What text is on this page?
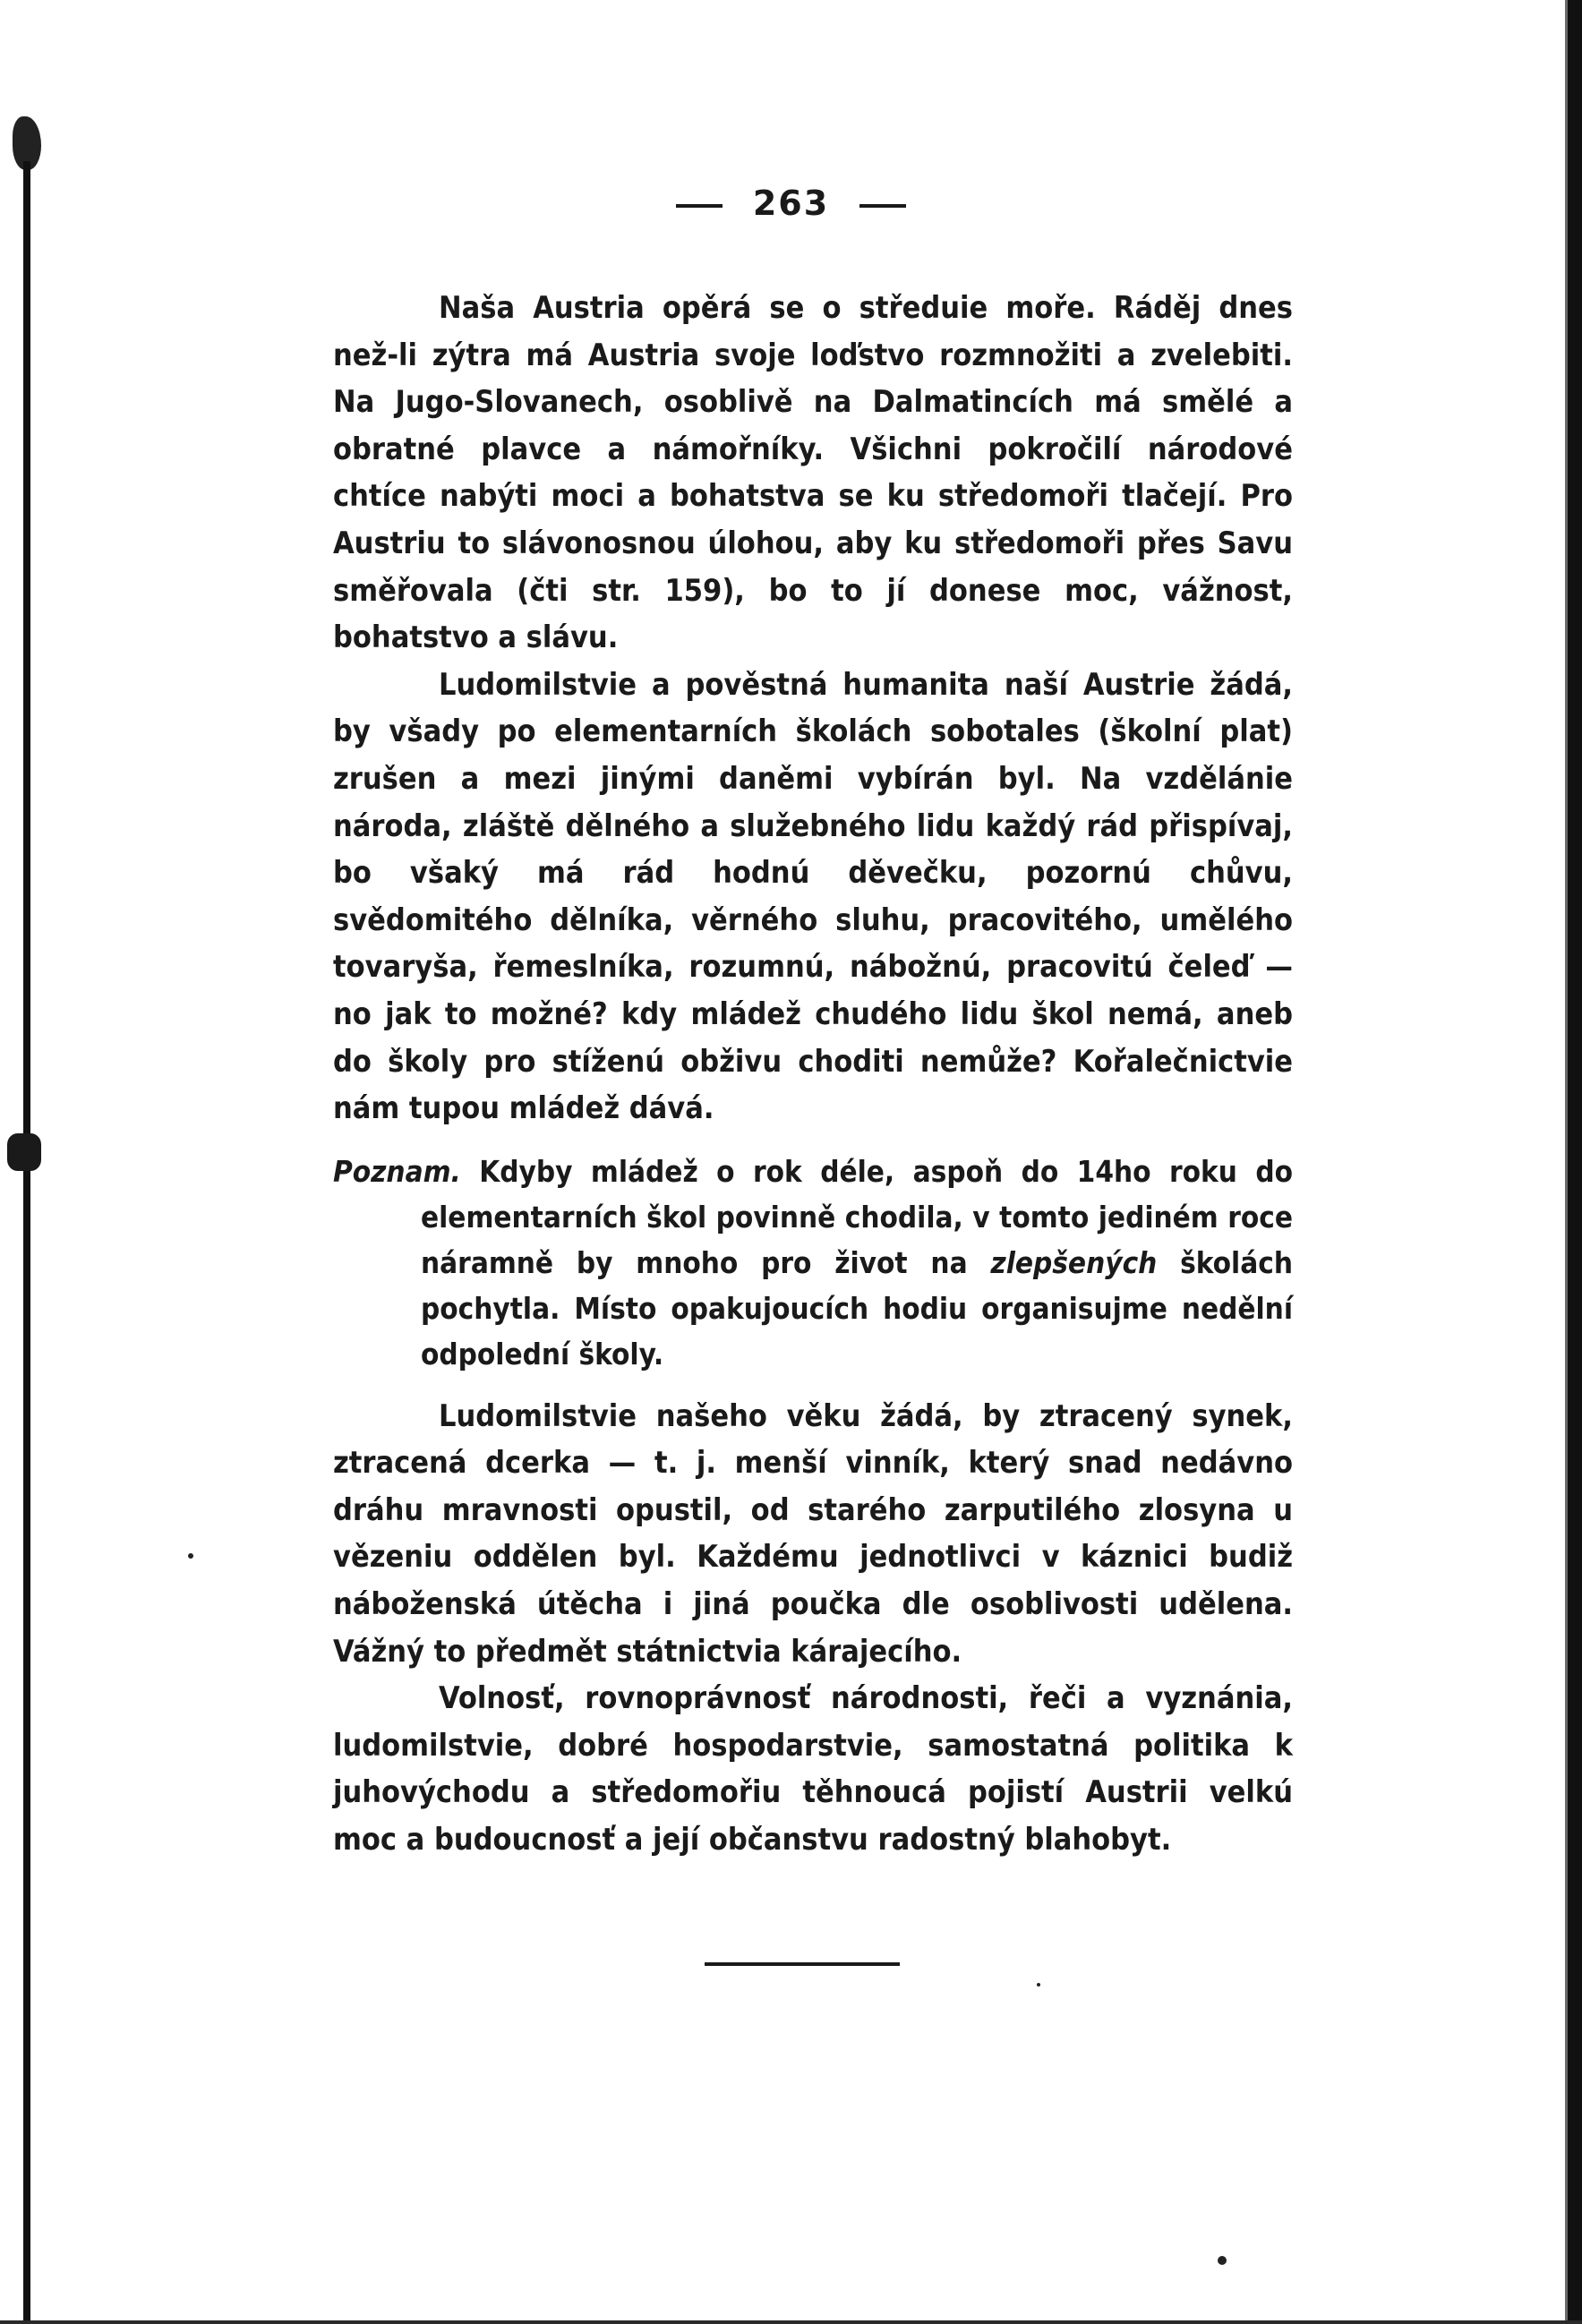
263

Naša Austria opěrá se o středuie moře. Ráděj dnes než-li zýtra má Austria svoje loďstvo rozmnožiti a zvelebiti. Na Jugo-Slovanech, osoblivě na Dalmatincích má smělé a obratné plavce a námořníky. Všichni pokročilí národové chtíce nabýti moci a bohatstva se ku středomoři tlačejí. Pro Austriu to slávonosnou úlohou, aby ku středomoři přes Savu směřovala (čti str. 159), bo to jí donese moc, vážnost, bohatstvo a slávu.

Ludomilstvie a pověstná humanita naší Austrie žádá, by všady po elementarních školách sobotales (školní plat) zrušen a mezi jinými daněmi vybírán byl. Na vzdělánie národa, zláště dělného a služebného lidu každý rád přispívaj, bo všaký má rád hodnú děvečku, pozornú chůvu, svědomitého dělníka, věrného sluhu, pracovitého, umělého tovaryša, řemeslníka, rozumnú, nábožnú, pracovitú čeleď — no jak to možné? kdy mládež chudého lidu škol nemá, aneb do školy pro stíženú obživu choditi nemůže? Kořalečnictvie nám tupou mládež dává.

Poznam. Kdyby mládež o rok déle, aspoň do 14ho roku do elementarních škol povinně chodila, v tomto jediném roce náramně by mnoho pro život na zlepšených školách pochytla. Místo opakujoucích hodiu organisujme nedělní odpolední školy.

Ludomilstvie našeho věku žádá, by ztracený synek, ztracená dcerka — t. j. menší vinník, který snad nedávno dráhu mravnosti opustil, od starého zarputilého zlosyna u vězeniu oddělen byl. Každému jednotlivci v káznici budiž náboženská útěcha i jiná poučka dle osoblivosti udělena. Vážný to předmět státnictvia kárajecího.

Volnosť, rovnoprávnosť národnosti, řeči a vyznánia, ludomilstvie, dobré hospodarstvie, samostatná politika k juhovýchodu a středomořiu těhnoucá pojistí Austrii velkú moc a budoucnosť a její občanstvu radostný blahobyt.
